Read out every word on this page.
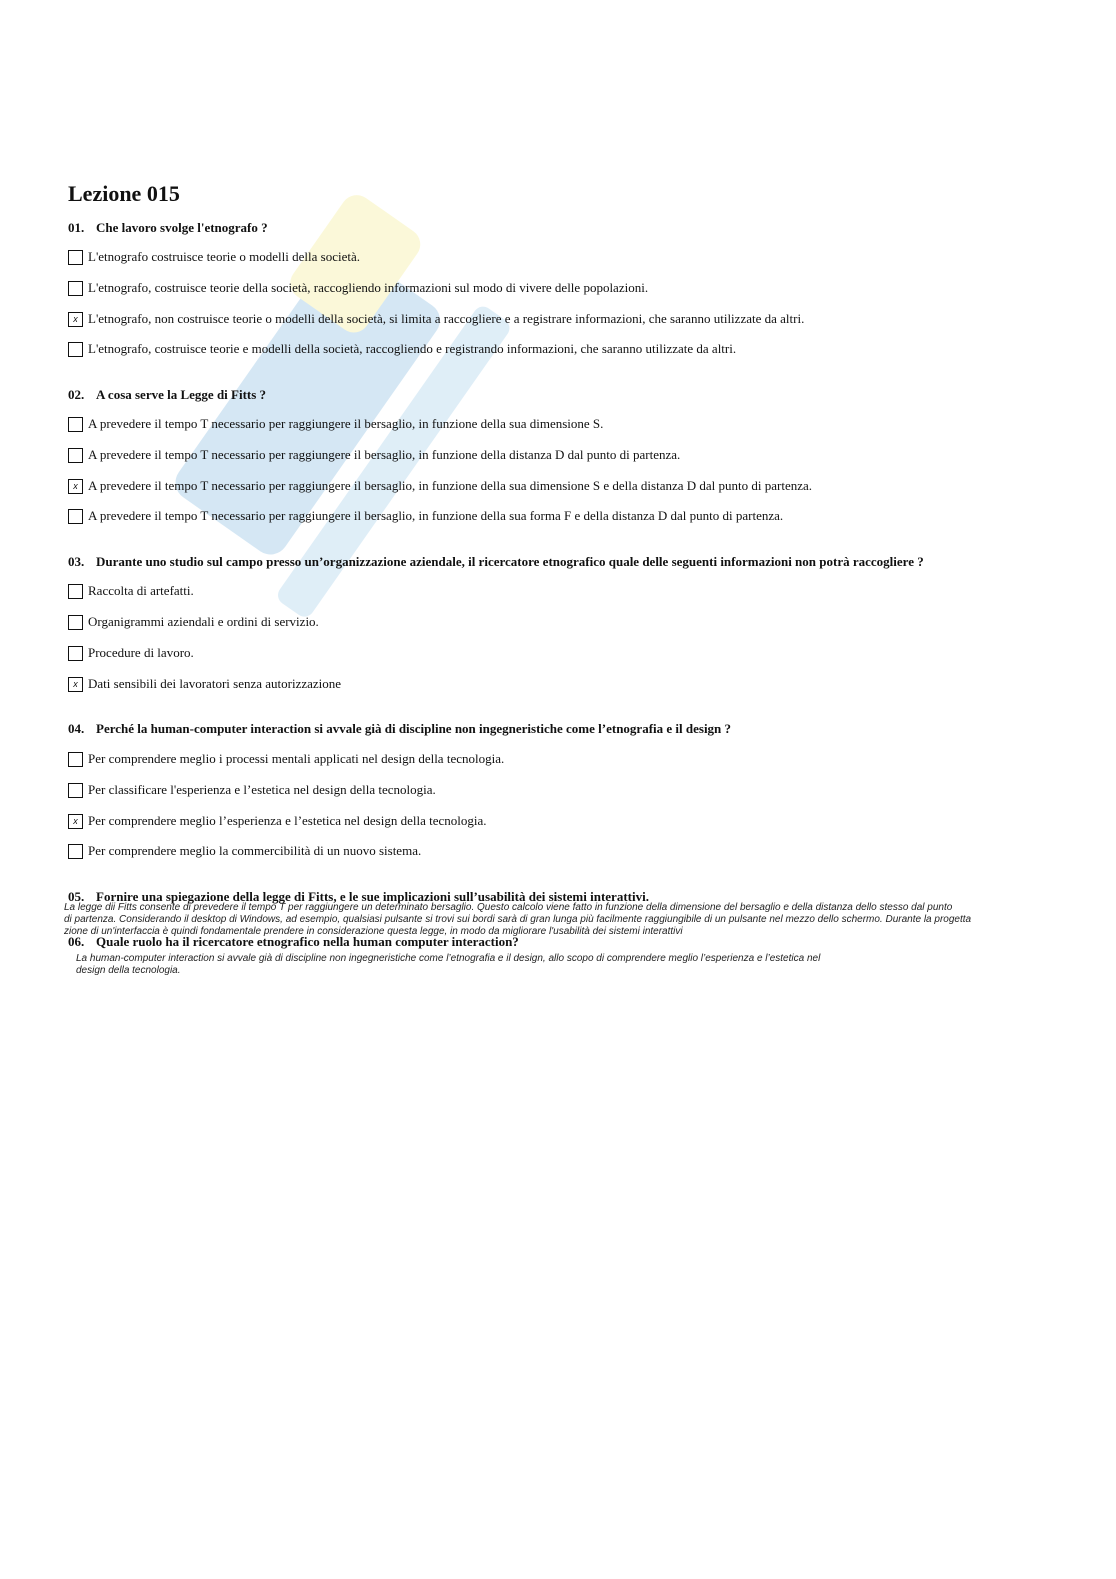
Lezione 015
01. Che lavoro svolge l'etnografo ?
L'etnografo costruisce teorie o modelli della società.
L'etnografo, costruisce teorie della società, raccogliendo informazioni sul modo di vivere delle popolazioni.
x L'etnografo, non costruisce teorie o modelli della società, si limita a raccogliere e a registrare informazioni, che saranno utilizzate da altri.
L'etnografo, costruisce teorie e modelli della società, raccogliendo e registrando informazioni, che saranno utilizzate da altri.
02. A cosa serve la Legge di Fitts ?
A prevedere il tempo T necessario per raggiungere il bersaglio, in funzione della sua dimensione S.
A prevedere il tempo T necessario per raggiungere il bersaglio, in funzione della distanza D dal punto di partenza.
x A prevedere il tempo T necessario per raggiungere il bersaglio, in funzione della sua dimensione S e della distanza D dal punto di partenza.
A prevedere il tempo T necessario per raggiungere il bersaglio, in funzione della sua forma F e della distanza D dal punto di partenza.
03. Durante uno studio sul campo presso un’organizzazione aziendale, il ricercatore etnografico quale delle seguenti informazioni non potrà raccogliere ?
Raccolta di artefatti.
Organigrammi aziendali e ordini di servizio.
Procedure di lavoro.
x Dati sensibili dei lavoratori senza autorizzazione
04. Perché la human-computer interaction si avvale già di discipline non ingegneristiche come l’etnografia e il design ?
Per comprendere meglio i processi mentali applicati nel design della tecnologia.
Per classificare l'esperienza e l’estetica nel design della tecnologia.
x Per comprendere meglio l’esperienza e l’estetica nel design della tecnologia.
Per comprendere meglio la commercibilità di un nuovo sistema.
05. Fornire una spiegazione della legge di Fitts, e le sue implicazioni sull’usabilità dei sistemi interattivi.
La legge dii Fitts consente di prevedere il tempo T per raggiungere un determinato bersaglio. Questo calcolo viene fatto in funzione della dimensione del bersaglio e della distanza dello stesso dal punto
di partenza. Considerando il desktop di Windows, ad esempio, qualsiasi pulsante si trovi sui bordi sarà di gran lunga più facilmente raggiungibile di un pulsante nel mezzo dello schermo. Durante la progetta
zione di un'interfaccia è quindi fondamentale prendere in considerazione questa legge, in modo da migliorare l'usabilità dei sistemi interattivi
06. Quale ruolo ha il ricercatore etnografico nella human computer interaction?
La human-computer interaction si avvale già di discipline non ingegneristiche come l’etnografia e il design, allo scopo di comprendere meglio l’esperienza e l’estetica nel
design della tecnologia.
